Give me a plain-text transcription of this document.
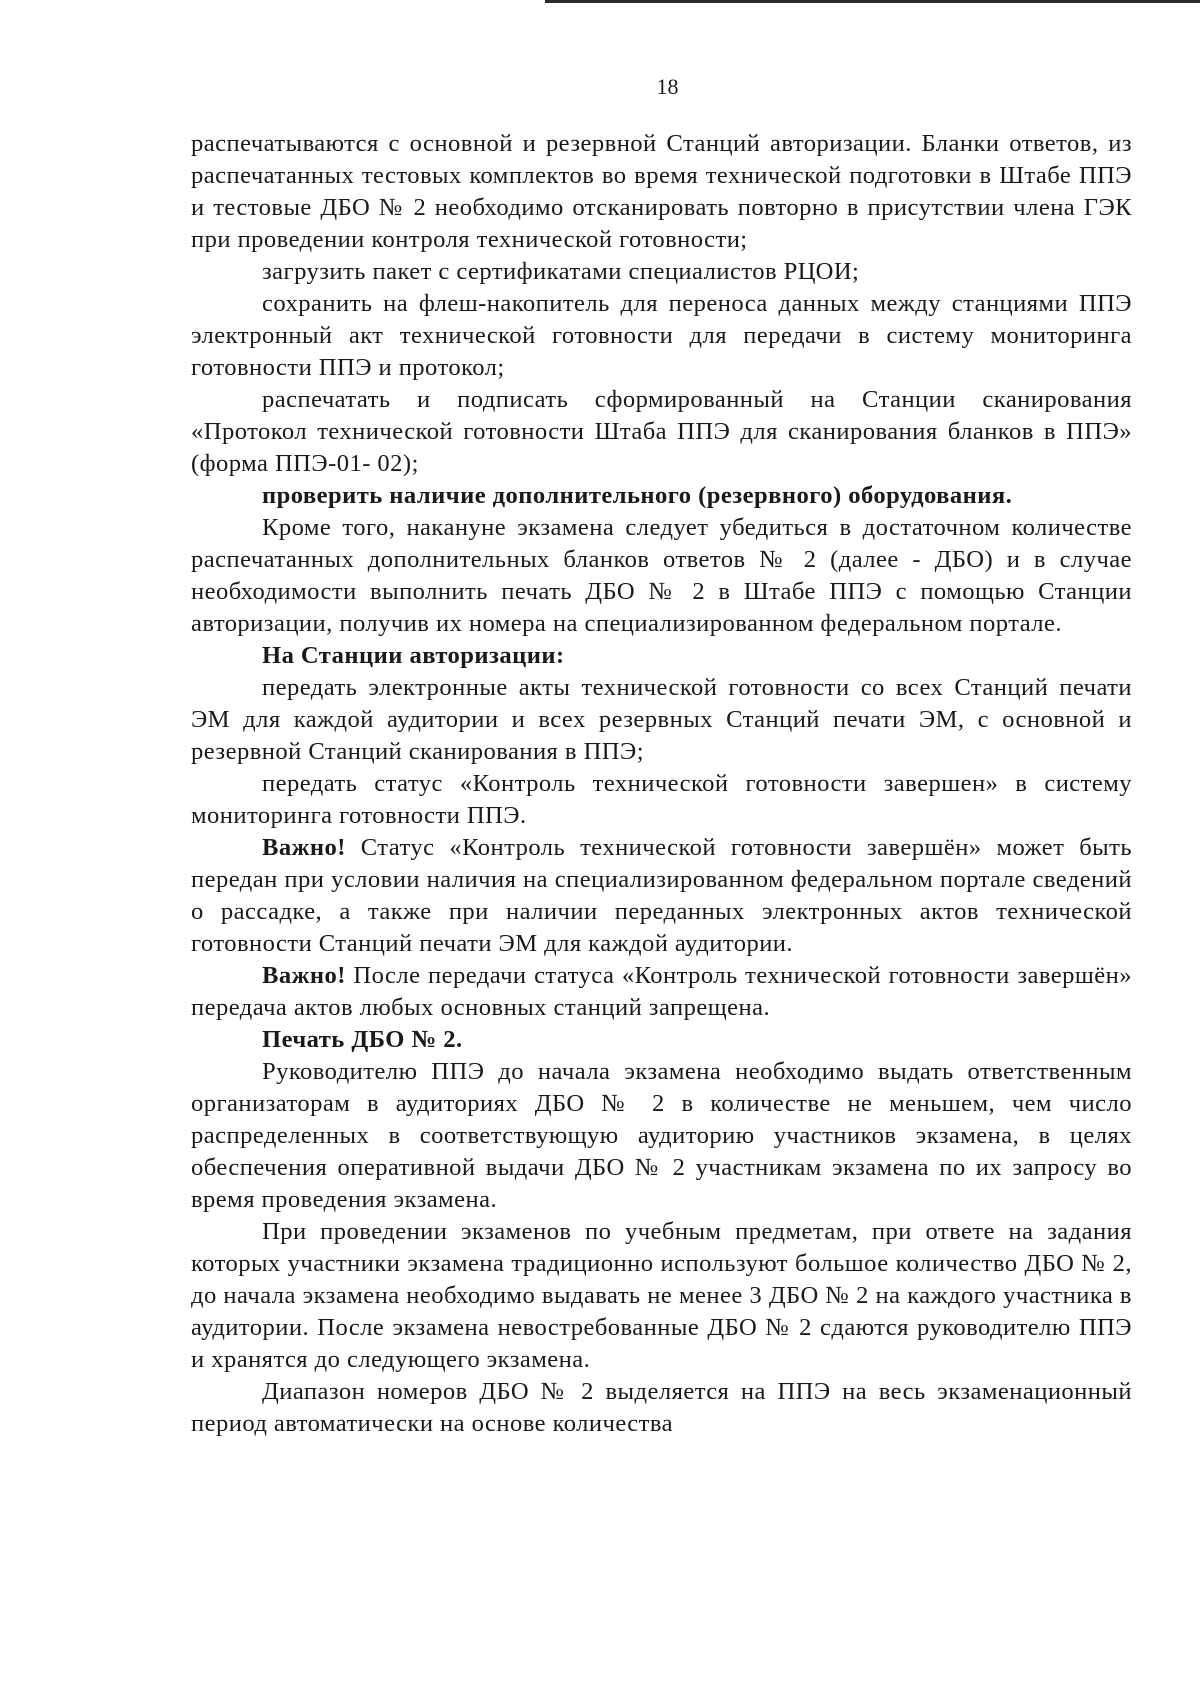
18

распечатываются с основной и резервной Станций авторизации. Бланки ответов, из распечатанных тестовых комплектов во время технической подготовки в Штабе ППЭ и тестовые ДБО № 2 необходимо отсканировать повторно в присутствии члена ГЭК при проведении контроля технической готовности;

загрузить пакет с сертификатами специалистов РЦОИ;

сохранить на флеш-накопитель для переноса данных между станциями ППЭ электронный акт технической готовности для передачи в систему мониторинга готовности ППЭ и протокол;

распечатать и подписать сформированный на Станции сканирования «Протокол технической готовности Штаба ППЭ для сканирования бланков в ППЭ» (форма ППЭ-01- 02);

проверить наличие дополнительного (резервного) оборудования.

Кроме того, накануне экзамена следует убедиться в достаточном количестве распечатанных дополнительных бланков ответов № 2 (далее - ДБО) и в случае необходимости выполнить печать ДБО № 2 в Штабе ППЭ с помощью Станции авторизации, получив их номера на специализированном федеральном портале.

На Станции авторизации:

передать электронные акты технической готовности со всех Станций печати ЭМ для каждой аудитории и всех резервных Станций печати ЭМ, с основной и резервной Станций сканирования в ППЭ;

передать статус «Контроль технической готовности завершен» в систему мониторинга готовности ППЭ.

Важно! Статус «Контроль технической готовности завершён» может быть передан при условии наличия на специализированном федеральном портале сведений о рассадке, а также при наличии переданных электронных актов технической готовности Станций печати ЭМ для каждой аудитории.

Важно! После передачи статуса «Контроль технической готовности завершён» передача актов любых основных станций запрещена.

Печать ДБО № 2.

Руководителю ППЭ до начала экзамена необходимо выдать ответственным организаторам в аудиториях ДБО № 2 в количестве не меньшем, чем число распределенных в соответствующую аудиторию участников экзамена, в целях обеспечения оперативной выдачи ДБО № 2 участникам экзамена по их запросу во время проведения экзамена.

При проведении экзаменов по учебным предметам, при ответе на задания которых участники экзамена традиционно используют большое количество ДБО № 2, до начала экзамена необходимо выдавать не менее 3 ДБО № 2 на каждого участника в аудитории. После экзамена невостребованные ДБО № 2 сдаются руководителю ППЭ и хранятся до следующего экзамена.

Диапазон номеров ДБО № 2 выделяется на ППЭ на весь экзаменационный период автоматически на основе количества
